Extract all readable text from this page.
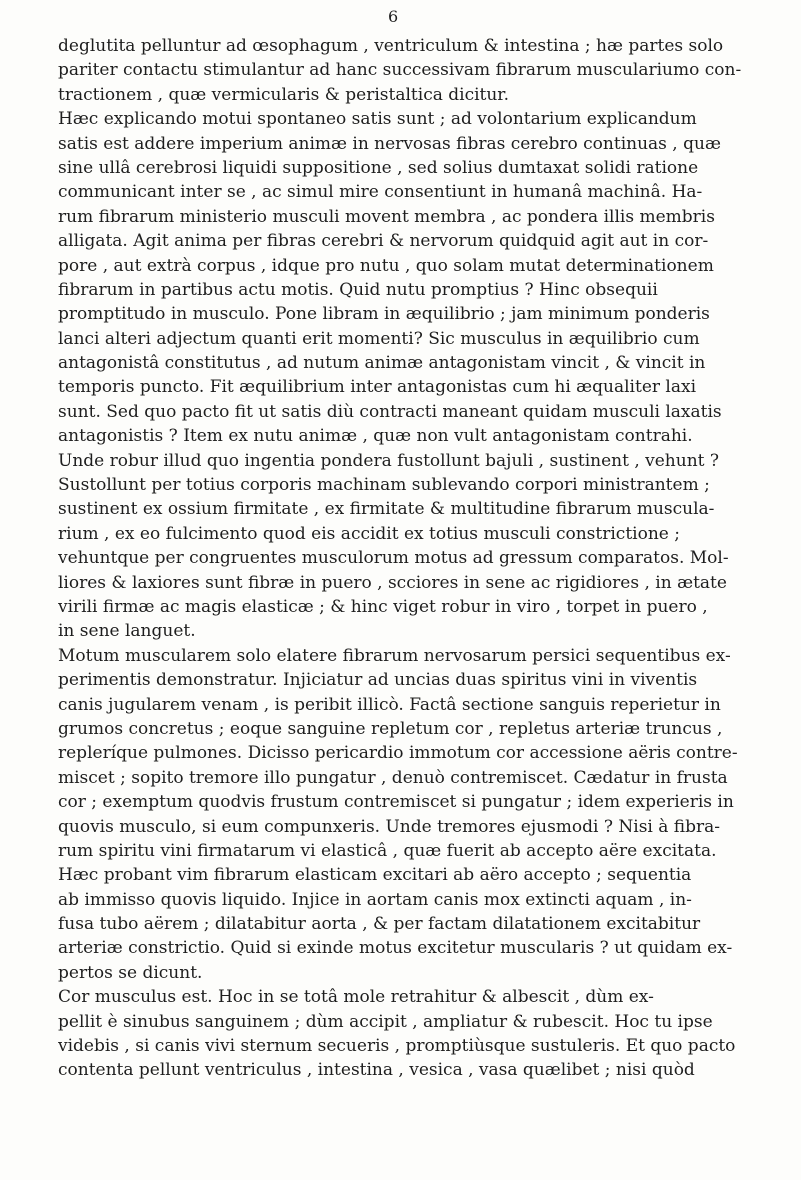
6
deglutita pelluntur ad œsophagum , ventriculum & intestina ; hæ partes solo
pariter contactu stimulantur ad hanc successivam fibrarum musculariumo con-
tractionem , quæ vermicularis & peristaltica dicitur.
Hæc explicando motui spontaneo satis sunt ; ad volontarium explicandum
satis est addere imperium animæ in nervosas fibras cerebro continuas , quæ
sine ullâ cerebrosi liquidi suppositione , sed solius dumtaxat solidi ratione
communicant inter se , ac simul mire consentiunt in humanâ machinâ. Ha-
rum fibrarum ministerio musculi movent membra , ac pondera illis membris
alligata. Agit anima per fibras cerebri & nervorum quidquid agit aut in cor-
pore , aut extrà corpus , idque pro nutu , quo solam mutat determinationem
fibrarum in partibus actu motis. Quid nutu promptius ? Hinc obsequii
promptitudo in musculo. Pone libram in æquilibrio ; jam minimum ponderis
lanci alteri adjectum quanti erit momenti? Sic musculus in æquilibrio cum
antagonistâ constitutus , ad nutum animæ antagonistam vincit , & vincit in
temporis puncto. Fit æquilibrium inter antagonistas cum hi æqualiter laxi
sunt. Sed quo pacto fit ut satis diù contracti maneant quidam musculi laxatis
antagonistis ? Item ex nutu animæ , quæ non vult antagonistam contrahi.
Unde robur illud quo ingentia pondera fustollunt bajuli , sustinent , vehunt ?
Sustollunt per totius corporis machinam sublevando corpori ministrantem ;
sustinent ex ossium firmitate , ex firmitate & multitudine fibrarum muscula-
rium , ex eo fulcimento quod eis accidit ex totius musculi constrictione ;
vehuntque per congruentes musculorum motus ad gressum comparatos. Mol-
liores & laxiores sunt fibræ in puero , scciores in sene ac rigidiores , in ætate
virili firmæ ac magis elasticæ ; & hinc viget robur in viro , torpet in puero ,
in sene languet.
Motum muscularem solo elatere fibrarum nervosarum persici sequentibus ex-
perimentis demonstratur. Injiciatur ad uncias duas spiritus vini in viventis
canis jugularem venam , is peribit illicò. Factâ sectione sanguis reperietur in
grumos concretus ; eoque sanguine repletum cor , repletus arteriæ truncus ,
repleríque pulmones. Dicisso pericardio immotum cor accessione aëris contre-
miscet ; sopito tremore illo pungatur , denuò contremiscet. Cædatur in frusta
cor ; exemptum quodvis frustum contremiscet si pungatur ; idem experieris in
quovis musculo, si eum compunxeris. Unde tremores ejusmodi ? Nisi à fibra-
rum spiritu vini firmatarum vi elasticâ , quæ fuerit ab accepto aëre excitata.
Hæc probant vim fibrarum elasticam excitari ab aëro accepto ; sequentia
ab immisso quovis liquido. Injice in aortam canis mox extincti aquam , in-
fusa tubo aërem ; dilatabitur aorta , & per factam dilatationem excitabitur
arteriæ constrictio. Quid si exinde motus excitetur muscularis ? ut quidam ex-
pertos se dicunt.
Cor musculus est. Hoc in se totâ mole retrahitur & albescit , dùm ex-
pellit è sinubus sanguinem ; dùm accipit , ampliatur & rubescit. Hoc tu ipse
videbis , si canis vivi sternum secueris , promptiùsque sustuleris. Et quo pacto
contenta pellunt ventriculus , intestina , vesica , vasa quælibet ; nisi quòd
